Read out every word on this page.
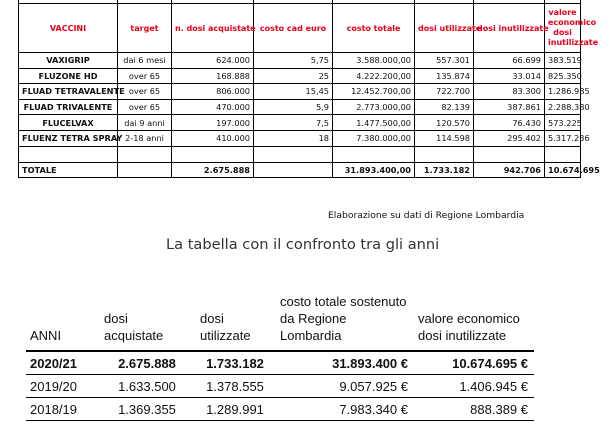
VACCINI	target	n. dosi acquistate	costo cad euro	costo totale	dosi utilizzate	dosi inutilizzate	valore economico dosi inutilizzate
VAXIGRIP	dai 6 mesi	624.000	5,75	3.588.000,00	557.301	66.699	383.519
FLUZONE HD	over 65	168.888	25	4.222.200,00	135.874	33.014	825.350
FLUAD TETRAVALENTE	over 65	806.000	15,45	12.452.700,00	722.700	83.300	1.286.985
FLUAD TRIVALENTE	over 65	470.000	5,9	2.773.000,00	82.139	387.861	2.288.380
FLUCELVAX	dai 9 anni	197.000	7,5	1.477.500,00	120.570	76.430	573.225
FLUENZ TETRA SPRAY	2-18 anni	410.000	18	7.380.000,00	114.598	295.402	5.317.236

TOTALE		2.675.888		31.893.400,00	1.733.182	942.706	10.674.695
Elaborazione su dati di Regione Lombardia
La tabella con il confronto tra gli anni
ANNI	dosi acquistate	dosi utilizzate	costo totale sostenuto da Regione Lombardia	valore economico dosi inutilizzate
2020/21	2.675.888	1.733.182	31.893.400 €	10.674.695 €
2019/20	1.633.500	1.378.555	9.057.925 €	1.406.945 €
2018/19	1.369.355	1.289.991	7.983.340 €	888.389 €
